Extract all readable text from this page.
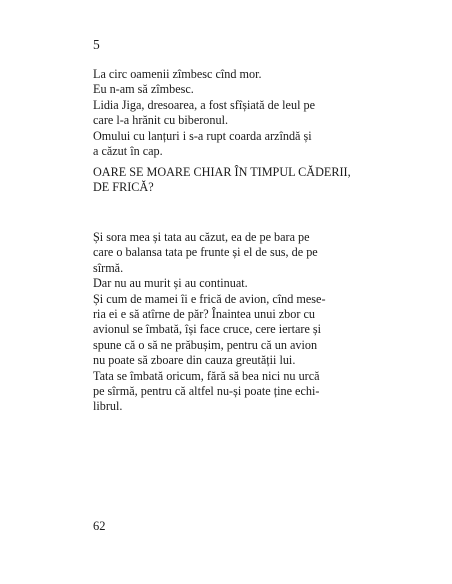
5

La circ oamenii zîmbesc cînd mor.

Eu n-am să zîmbesc.

Lidia Jiga, dresoarea, a fost sfîșiată de leul pe

care l-a hrănit cu biberonul.

Omului cu lanțuri i s-a rupt coarda arzîndă și

a căzut în cap.

OARE SE MOARE CHIAR ÎN TIMPUL CĂDERII,

DE FRICĂ?

Și sora mea și tata au căzut, ea de pe bara pe

care o balansa tata pe frunte și el de sus, de pe

sîrmă.

Dar nu au murit și au continuat.

Și cum de mamei îi e frică de avion, cînd mese-

ria ei e să atîrne de păr? Înaintea unui zbor cu

avionul se îmbată, își face cruce, cere iertare și

spune că o să ne prăbușim, pentru că un avion

nu poate să zboare din cauza greutății lui.

Tata se îmbată oricum, fără să bea nici nu urcă

pe sîrmă, pentru că altfel nu-și poate ține echi-

librul.

62
